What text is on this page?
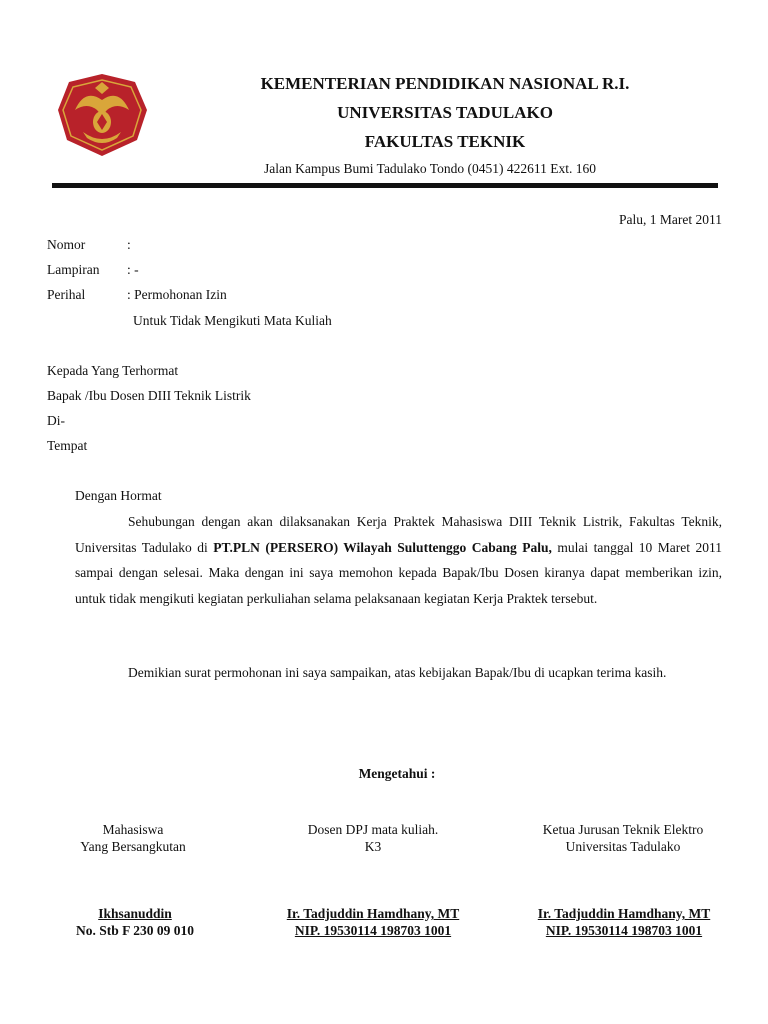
KEMENTERIAN PENDIDIKAN NASIONAL R.I.
UNIVERSITAS TADULAKO
FAKULTAS TEKNIK
Jalan Kampus Bumi Tadulako Tondo (0451) 422611 Ext. 160
Palu, 1 Maret 2011
Nomor	:
Lampiran : -
Perihal	: Permohonan Izin
Untuk Tidak Mengikuti Mata Kuliah
Kepada Yang Terhormat
Bapak /Ibu Dosen DIII Teknik Listrik
Di-
Tempat
Dengan Hormat
Sehubungan dengan akan dilaksanakan Kerja Praktek Mahasiswa DIII Teknik Listrik, Fakultas Teknik, Universitas Tadulako di PT.PLN (PERSERO) Wilayah Suluttenggo Cabang Palu, mulai tanggal 10 Maret 2011 sampai dengan selesai. Maka dengan ini saya memohon kepada Bapak/Ibu Dosen kiranya dapat memberikan izin, untuk tidak mengikuti kegiatan perkuliahan selama pelaksanaan kegiatan Kerja Praktek tersebut.
Demikian surat permohonan ini saya sampaikan, atas kebijakan Bapak/Ibu di ucapkan terima kasih.
Mengetahui :
Mahasiswa
Yang Bersangkutan
Dosen DPJ mata kuliah.
K3
Ketua Jurusan Teknik Elektro
Universitas Tadulako
Ikhsanuddin
No. Stb F 230 09 010
Ir. Tadjuddin Hamdhany, MT
NIP. 19530114 198703 1001
Ir. Tadjuddin Hamdhany, MT
NIP. 19530114 198703 1001
